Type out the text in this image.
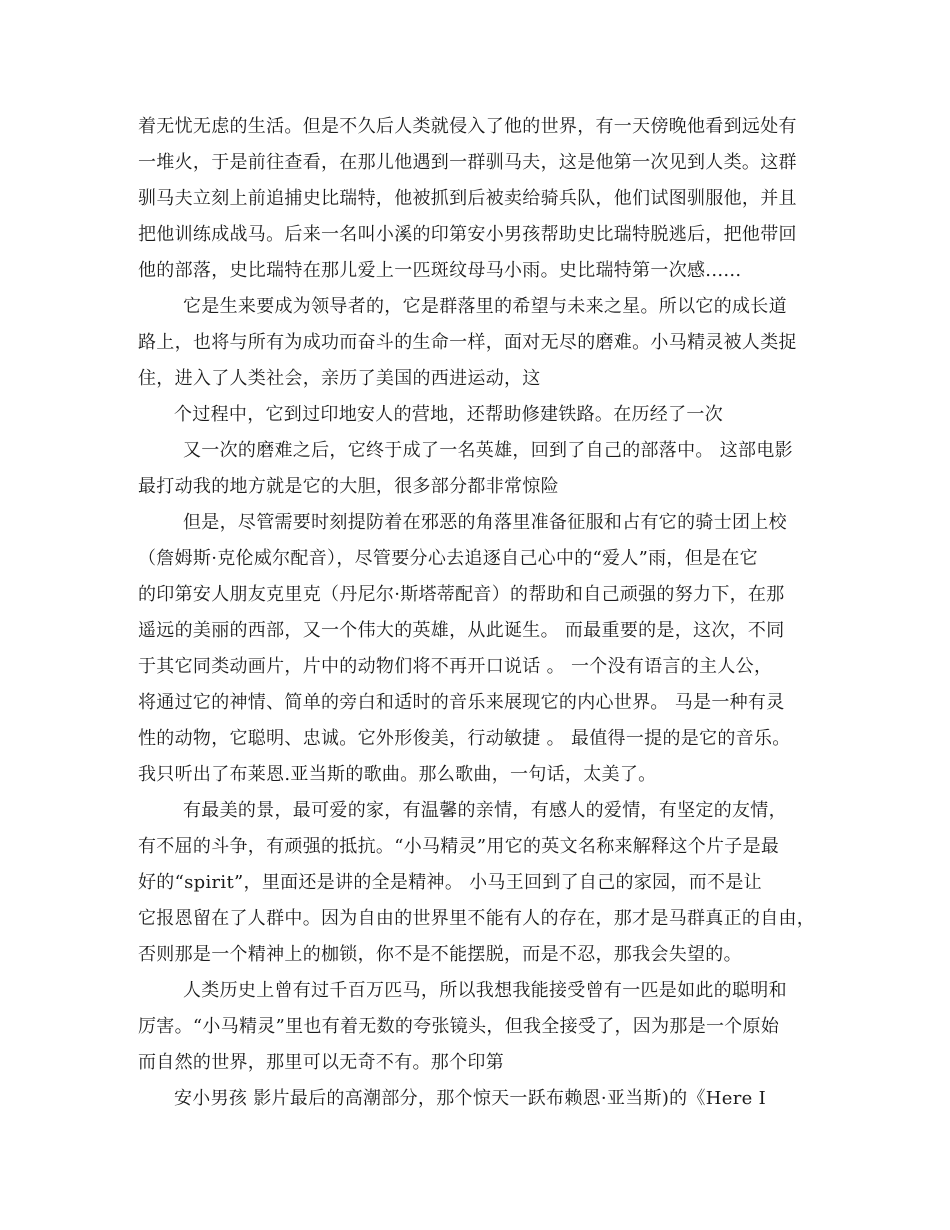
着无忧无虑的生活。但是不久后人类就侵入了他的世界，有一天傍晚他看到远处有
一堆火，于是前往查看，在那儿他遇到一群驯马夫，这是他第一次见到人类。这群
驯马夫立刻上前追捕史比瑞特，他被抓到后被卖给骑兵队，他们试图驯服他，并且
把他训练成战马。后来一名叫小溪的印第安小男孩帮助史比瑞特脱逃后，把他带回
他的部落，史比瑞特在那儿爱上一匹斑纹母马小雨。史比瑞特第一次感......
它是生来要成为领导者的，它是群落里的希望与未来之星。所以它的成长道
路上，也将与所有为成功而奋斗的生命一样，面对无尽的磨难。小马精灵被人类捉
住，进入了人类社会，亲历了美国的西进运动，这
个过程中，它到过印地安人的营地，还帮助修建铁路。在历经了一次
又一次的磨难之后，它终于成了一名英雄，回到了自己的部落中。 这部电影
最打动我的地方就是它的大胆，很多部分都非常惊险
但是，尽管需要时刻提防着在邪恶的角落里准备征服和占有它的骑士团上校
（詹姆斯·克伦威尔配音），尽管要分心去追逐自己心中的“爱人”雨，但是在它
的印第安人朋友克里克（丹尼尔·斯塔蒂配音）的帮助和自己顽强的努力下，在那
遥远的美丽的西部，又一个伟大的英雄，从此诞生。 而最重要的是，这次，不同
于其它同类动画片，片中的动物们将不再开口说话 。 一个没有语言的主人公，
将通过它的神情、简单的旁白和适时的音乐来展现它的内心世界。 马是一种有灵
性的动物，它聪明、忠诚。它外形俊美，行动敏捷 。 最值得一提的是它的音乐。
我只听出了布莱恩.亚当斯的歌曲。那么歌曲，一句话，太美了。
有最美的景，最可爱的家，有温馨的亲情，有感人的爱情，有坚定的友情，
有不屈的斗争，有顽强的抵抗。“小马精灵”用它的英文名称来解释这个片子是最
好的“spirit”，里面还是讲的全是精神。 小马王回到了自己的家园，而不是让
它报恩留在了人群中。因为自由的世界里不能有人的存在，那才是马群真正的自由，
否则那是一个精神上的枷锁，你不是不能摆脱，而是不忍，那我会失望的。
人类历史上曾有过千百万匹马，所以我想我能接受曾有一匹是如此的聪明和
厉害。“小马精灵”里也有着无数的夸张镜头，但我全接受了，因为那是一个原始
而自然的世界，那里可以无奇不有。那个印第
安小男孩 影片最后的高潮部分，那个惊天一跃布赖恩·亚当斯)的《Here I
